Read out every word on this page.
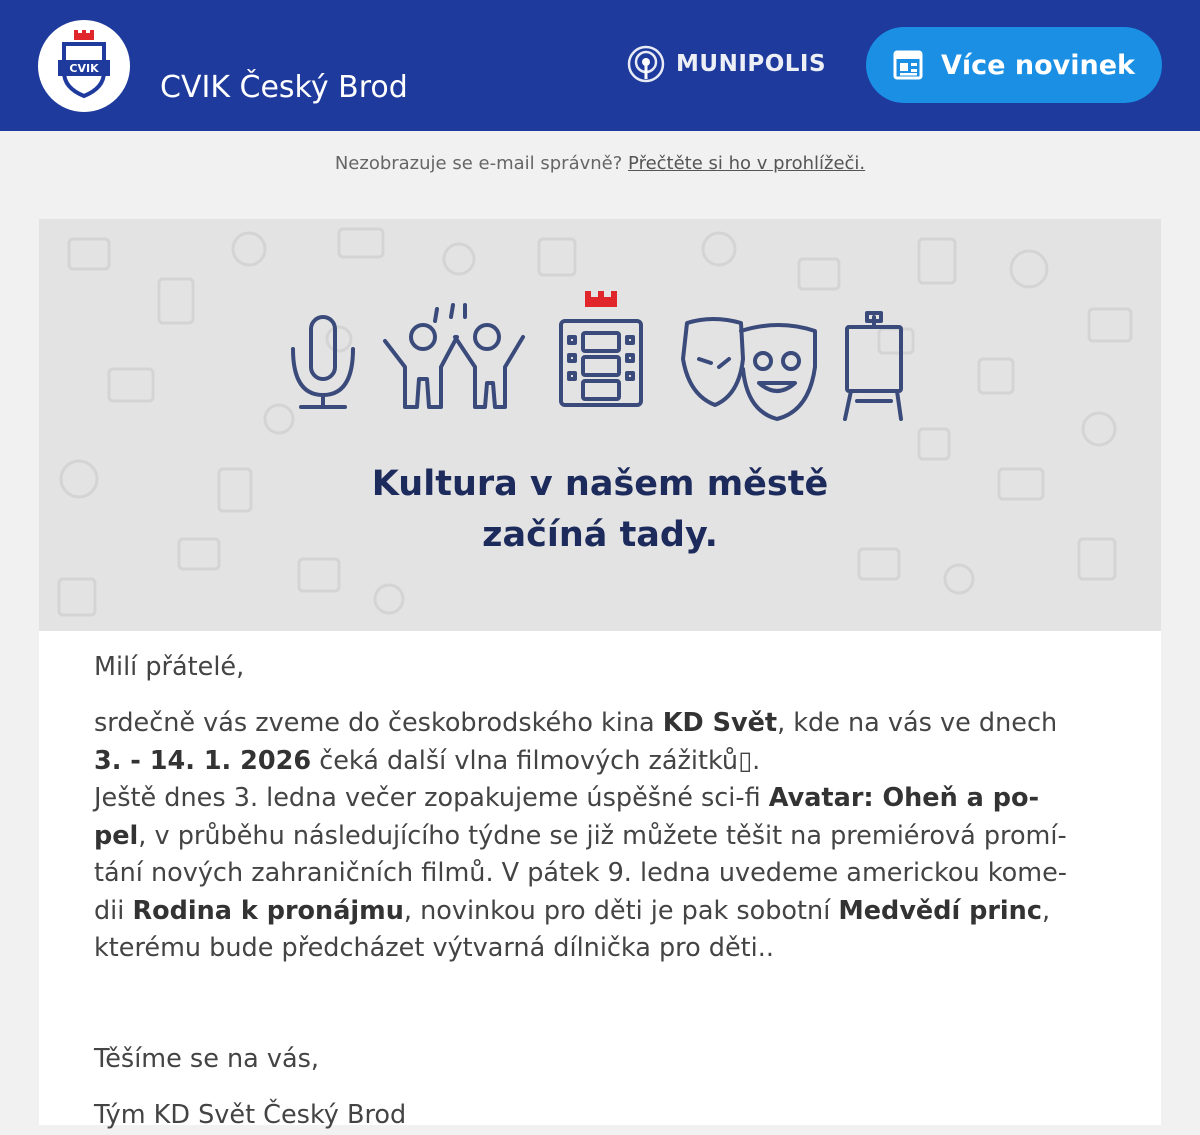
CVIK
CVIK Český Brod
MUNIPOLIS	Více novinek
Nezobrazuje se e-mail správně? Přečtěte si ho v prohlížeči.
Kultura v našem městě
začíná tady.
Milí přátelé,
srdečně vás zveme do českobrodského kina KD Svět, kde na vás ve dnech
3. - 14. 1. 2026 čeká další vlna filmových zážitků▯.
Ještě dnes 3. ledna večer zopakujeme úspěšné sci-fi Avatar: Oheň a po-
pel, v průběhu následujícího týdne se již můžete těšit na premiérová promí-
tání nových zahraničních filmů. V pátek 9. ledna uvedeme americkou kome-
dii Rodina k pronájmu, novinkou pro děti je pak sobotní Medvědí princ,
kterému bude předcházet výtvarná dílnička pro děti..
Těšíme se na vás,
Tým KD Svět Český Brod
